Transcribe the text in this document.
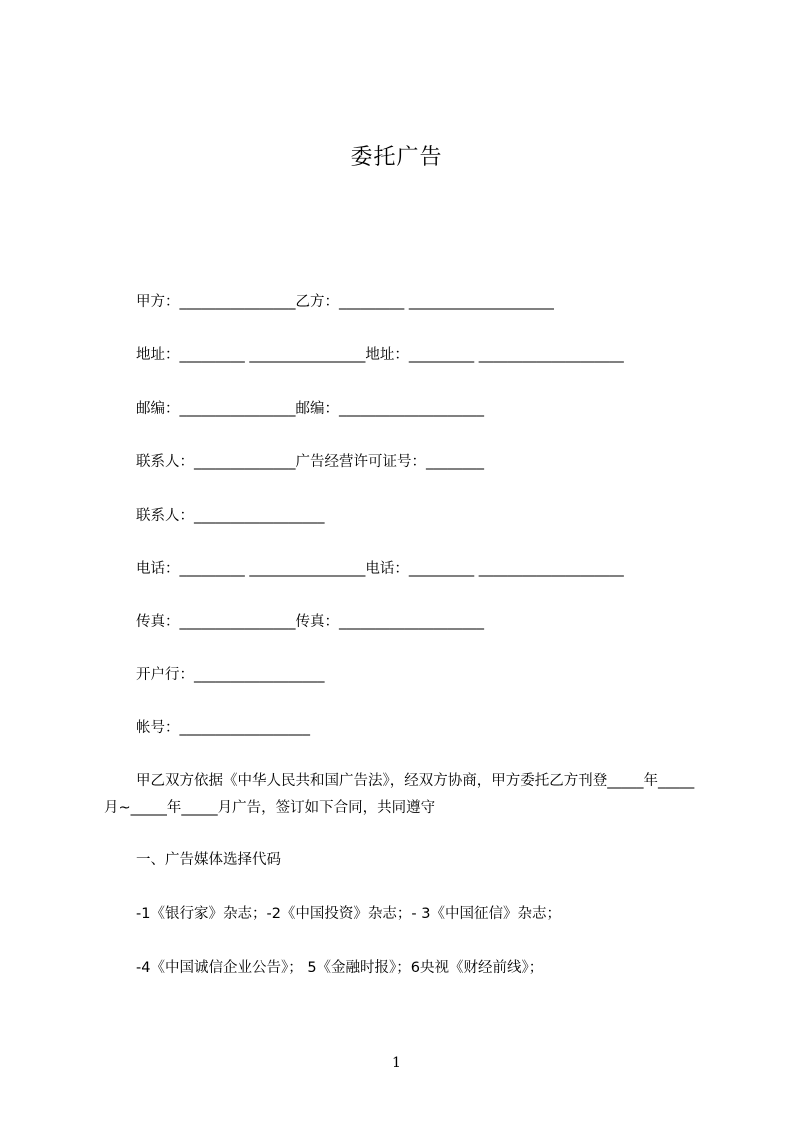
委托广告
甲方：________________乙方：_________ ____________________
地址：_________ ________________地址：_________ ____________________
邮编：________________邮编：____________________
联系人：______________广告经营许可证号：________
联系人：__________________
电话：_________ ________________电话：_________ ____________________
传真：________________传真：____________________
开户行：__________________
帐号：__________________
甲乙双方依据《中华人民共和国广告法》，经双方协商，甲方委托乙方刊登_____年_____月~_____年_____月广告，签订如下合同，共同遵守
一、广告媒体选择代码
-1《银行家》杂志；-2《中国投资》杂志；- 3《中国征信》杂志；
-4《中国诚信企业公告》； 5《金融时报》；6央视《财经前线》；
1
